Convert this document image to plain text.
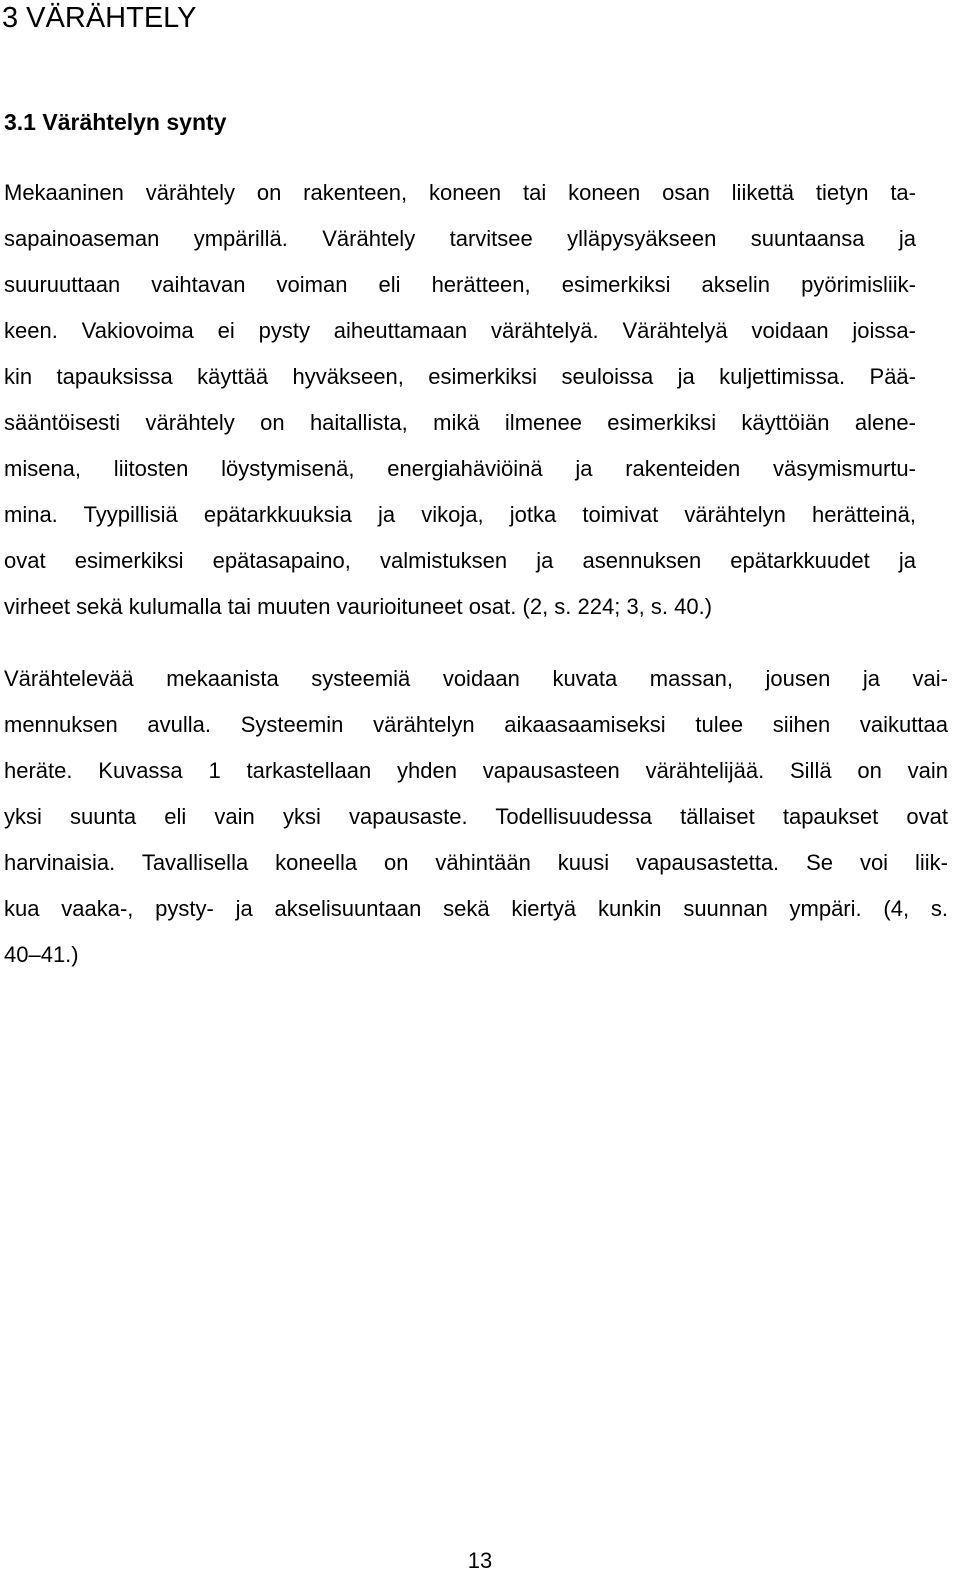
3 VÄRÄHTELY
3.1 Värähtelyn synty
Mekaaninen värähtely on rakenteen, koneen tai koneen osan liikettä tietyn ta-
sapainoaseman ympärillä. Värähtely tarvitsee ylläpysyäkseen suuntaansa ja
suuruuttaan vaihtavan voiman eli herätteen, esimerkiksi akselin pyörimisliik-
keen. Vakiovoima ei pysty aiheuttamaan värähtelyä. Värähtelyä voidaan joissa-
kin tapauksissa käyttää hyväkseen, esimerkiksi seuloissa ja kuljettimissa. Pää-
sääntöisesti värähtely on haitallista, mikä ilmenee esimerkiksi käyttöiän alene-
misena, liitosten löystymisenä, energiahäviöinä ja rakenteiden väsymismurtu-
mina. Tyypillisiä epätarkkuuksia ja vikoja, jotka toimivat värähtelyn herätteinä,
ovat esimerkiksi epätasapaino, valmistuksen ja asennuksen epätarkkuudet ja
virheet sekä kulumalla tai muuten vaurioituneet osat. (2, s. 224; 3, s. 40.)
Värähtelevää mekaanista systeemiä voidaan kuvata massan, jousen ja vai-
mennuksen avulla. Systeemin värähtelyn aikaasaamiseksi tulee siihen vaikuttaa
heräte. Kuvassa 1 tarkastellaan yhden vapausasteen värähtelijää. Sillä on vain
yksi suunta eli vain yksi vapausaste. Todellisuudessa tällaiset tapaukset ovat
harvinaisia. Tavallisella koneella on vähintään kuusi vapausastetta. Se voi liik-
kua vaaka-, pysty- ja akselisuuntaan sekä kiertyä kunkin suunnan ympäri. (4, s.
40–41.)

13
